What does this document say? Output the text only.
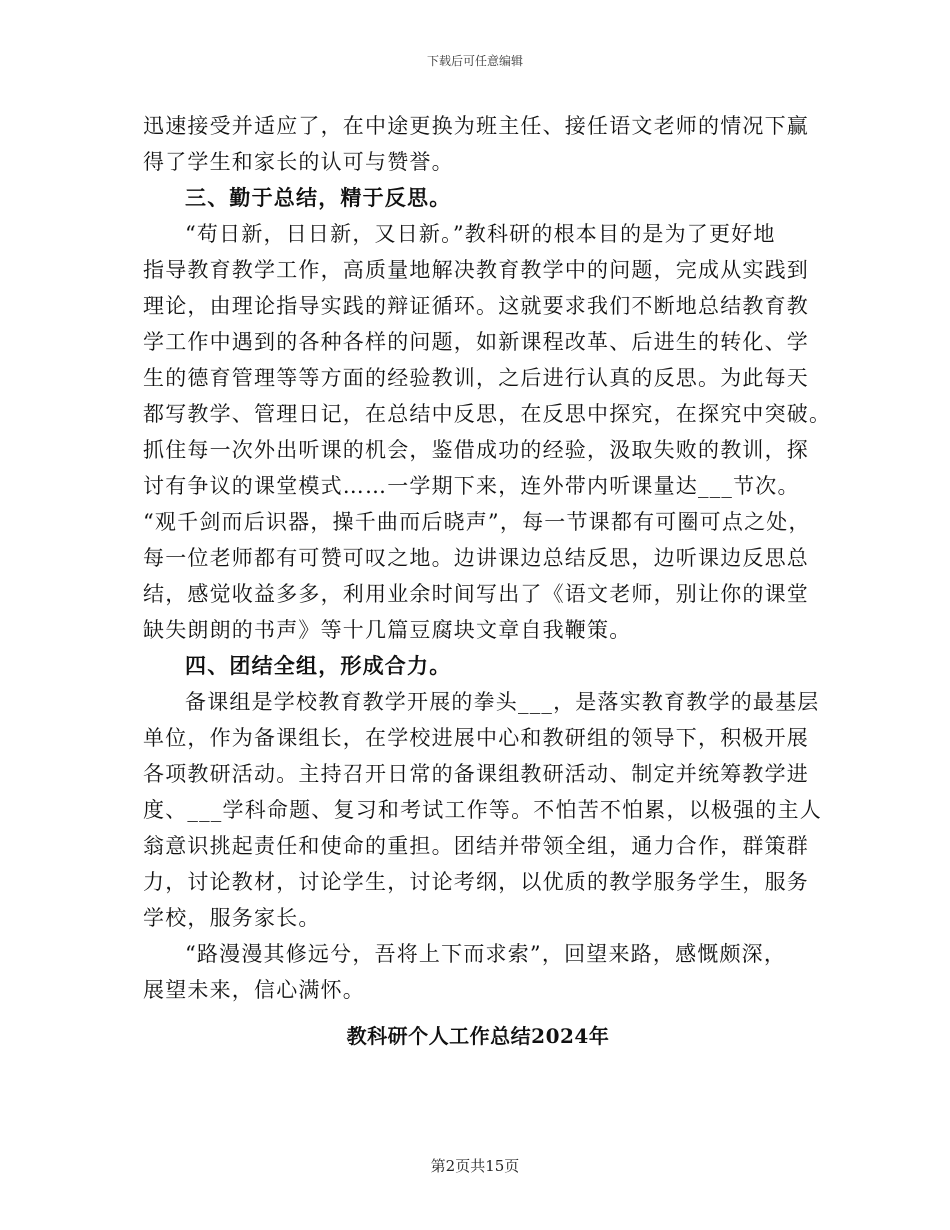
下载后可任意编辑
迅速接受并适应了，在中途更换为班主任、接任语文老师的情况下赢
得了学生和家长的认可与赞誉。
三、勤于总结，精于反思。
“苟日新，日日新，又日新。”教科研的根本目的是为了更好地
指导教育教学工作，高质量地解决教育教学中的问题，完成从实践到
理论，由理论指导实践的辩证循环。这就要求我们不断地总结教育教
学工作中遇到的各种各样的问题，如新课程改革、后进生的转化、学
生的德育管理等等方面的经验教训，之后进行认真的反思。为此每天
都写教学、管理日记，在总结中反思，在反思中探究，在探究中突破。
抓住每一次外出听课的机会，鉴借成功的经验，汲取失败的教训，探
讨有争议的课堂模式……一学期下来，连外带内听课量达___节次。
“观千剑而后识器，操千曲而后晓声”，每一节课都有可圈可点之处，
每一位老师都有可赞可叹之地。边讲课边总结反思，边听课边反思总
结，感觉收益多多，利用业余时间写出了《语文老师，别让你的课堂
缺失朗朗的书声》等十几篇豆腐块文章自我鞭策。
四、团结全组，形成合力。
备课组是学校教育教学开展的拳头___，是落实教育教学的最基层
单位，作为备课组长，在学校进展中心和教研组的领导下，积极开展
各项教研活动。主持召开日常的备课组教研活动、制定并统筹教学进
度、___学科命题、复习和考试工作等。不怕苦不怕累，以极强的主人
翁意识挑起责任和使命的重担。团结并带领全组，通力合作，群策群
力，讨论教材，讨论学生，讨论考纲，以优质的教学服务学生，服务
学校，服务家长。
“路漫漫其修远兮，吾将上下而求索”，回望来路，感慨颇深，
展望未来，信心满怀。
教科研个人工作总结2024年
第2页共15页
